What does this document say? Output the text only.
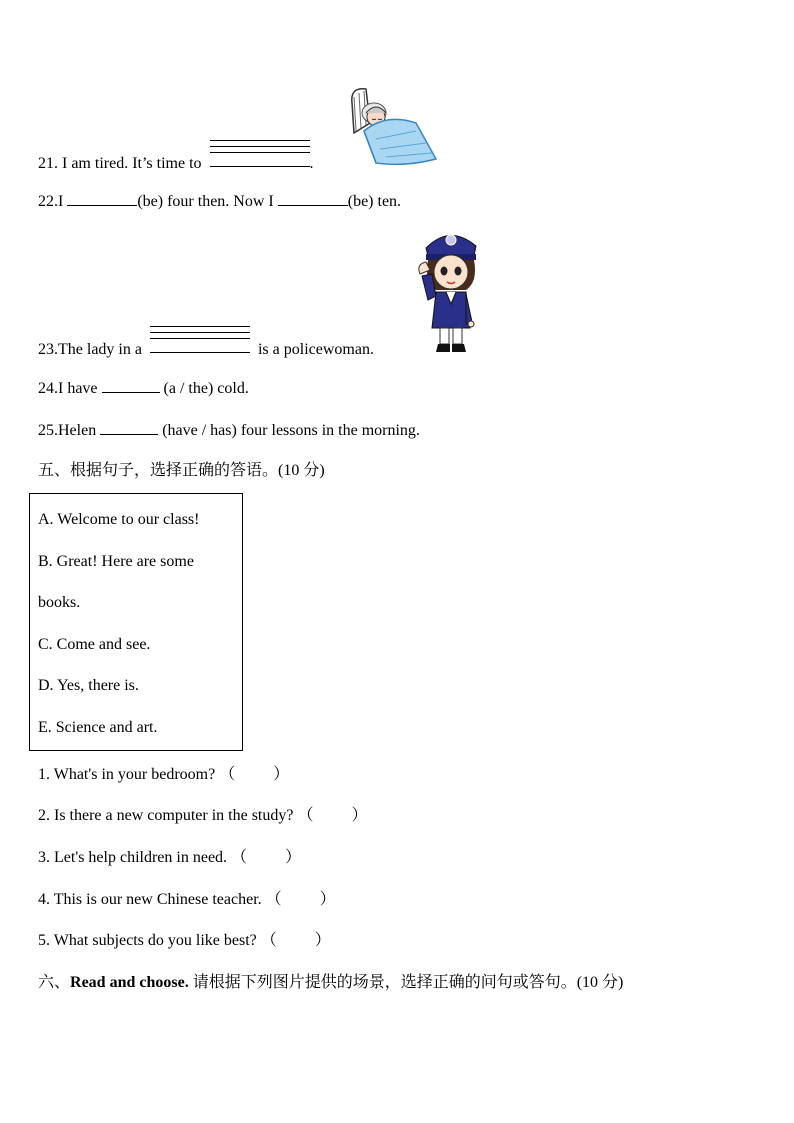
21. I am tired. It’s time to	.
22.I	(be) four then. Now I	(be) ten.
23.The lady in a	is a policewoman.
24.I have	(a / the) cold.
25.Helen	(have / has) four lessons in the morning.
五、根据句子，选择正确的答语。(10 分)
A. Welcome to our class!
B. Great! Here are some
books.
C. Come and see.
D. Yes, there is.
E. Science and art.
1. What's in your bedroom? （ ）
2. Is there a new computer in the study? （ ）
3. Let's help children in need. （ ）
4. This is our new Chinese teacher. （ ）
5. What subjects do you like best? （ ）
六、Read and choose. 请根据下列图片提供的场景，选择正确的问句或答句。(10 分)
